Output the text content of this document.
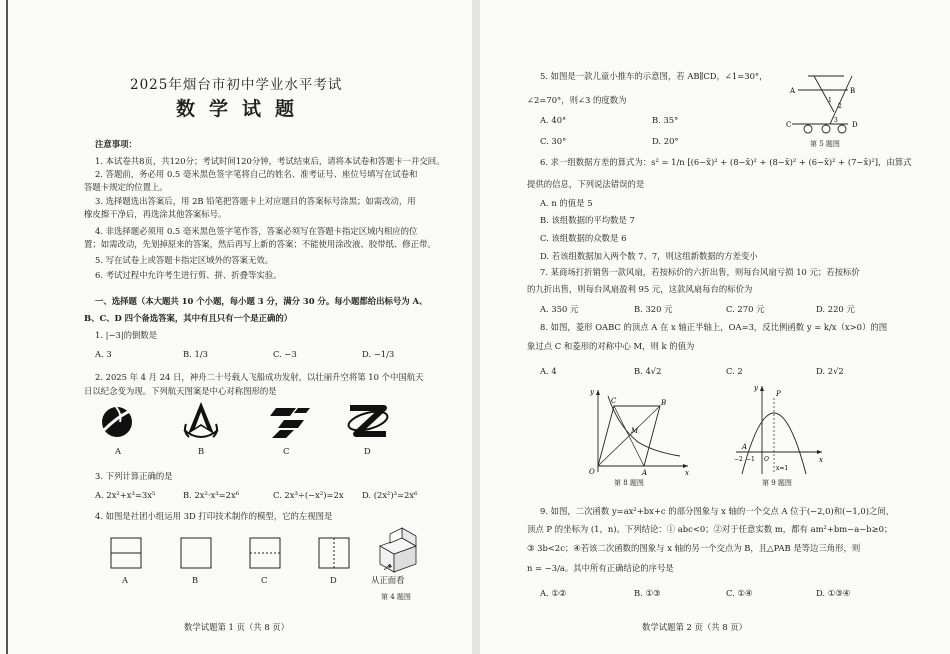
2025年烟台市初中学业水平考试
数学试题
注意事项：
1. 本试卷共8页，共120分；考试时间120分钟，考试结束后，请将本试卷和答题卡一并交回。
2. 答题前，务必用 0.5 毫米黑色签字笔将自己的姓名、准考证号、座位号填写在试卷和
答题卡规定的位置上。
3. 选择题选出答案后，用 2B 铅笔把答题卡上对应题目的答案标号涂黑；如需改动，用
橡皮擦干净后，再选涂其他答案标号。
4. 非选择题必须用 0.5 毫米黑色签字笔作答，答案必须写在答题卡指定区域内相应的位
置；如需改动，先划掉原来的答案，然后再写上新的答案；不能使用涂改液、胶带纸、修正带。
5. 写在试卷上或答题卡指定区域外的答案无效。
6. 考试过程中允许考生进行剪、拼、折叠等实验。
一、选择题（本大题共 10 个小题，每小题 3 分，满分 30 分。每小题都给出标号为 A、
B、C、D 四个备选答案，其中有且只有一个是正确的）
1. |−3|的倒数是
A. 3	B. 1/3	C. −3	D. −1/3
2. 2025 年 4 月 24 日，神舟二十号载人飞船成功发射，以壮丽升空将第 10 个中国航天
日以纪念变为现。下列航天图案是中心对称图形的是
A	B	C	D
3. 下列计算正确的是
A. 2x²+x³=3x⁵	B. 2x²·x³=2x⁶	C. 2x³÷(−x²)=2x D. (2x²)³=2x⁶
4. 如图是社团小组运用 3D 打印技术制作的模型，它的左视图是
A	B	C	D	从正面看
第 4 题图
数学试题第 1 页（共 8 页）
5. 如图是一款儿童小推车的示意图，若 AB∥CD，∠1=30°，
∠2=70°，则∠3 的度数为
A. 40°	B. 35°
C. 30°	D. 20°
A	B
C	D
1
2
3
第 5 题图
6. 求一组数据方差的算式为：s² = 1/n [(6−x̄)² + (8−x̄)² + (8−x̄)² + (6−x̄)² + (7−x̄)²]，由算式
提供的信息，下列说法错误的是
A. n 的值是 5
B. 该组数据的平均数是 7
C. 该组数据的众数是 6
D. 若该组数据加入两个数 7、7，则这组新数据的方差变小
7. 某商场打折销售一款风扇，若按标价的六折出售，则每台风扇亏损 10 元；若按标价
的九折出售，则每台风扇盈利 95 元，这款风扇每台的标价为
A. 350 元	B. 320 元	C. 270 元	D. 220 元
8. 如图，菱形 OABC 的顶点 A 在 x 轴正半轴上，OA=3，反比例函数 y = k/x（x>0）的图
象过点 C 和菱形的对称中心 M，则 k 的值为
A. 4	B. 4√2	C. 2	D. 2√2
y
x
O	A
B
C
M
第 8 题图
y
x
A
P
−2 −1 O
x=1
第 9 题图
9. 如图，二次函数 y=ax²+bx+c 的部分图象与 x 轴的一个交点 A 位于(−2,0)和(−1,0)之间，
顶点 P 的坐标为 (1，n)。下列结论：① abc<0；②对于任意实数 m，都有 am²+bm−a−b≥0；
③ 3b<2c；④若该二次函数的图象与 x 轴的另一个交点为 B，且△PAB 是等边三角形，则
n = −3/a。其中所有正确结论的序号是
A. ①②	B. ①③	C. ①④	D. ①③④
数学试题第 2 页（共 8 页）
